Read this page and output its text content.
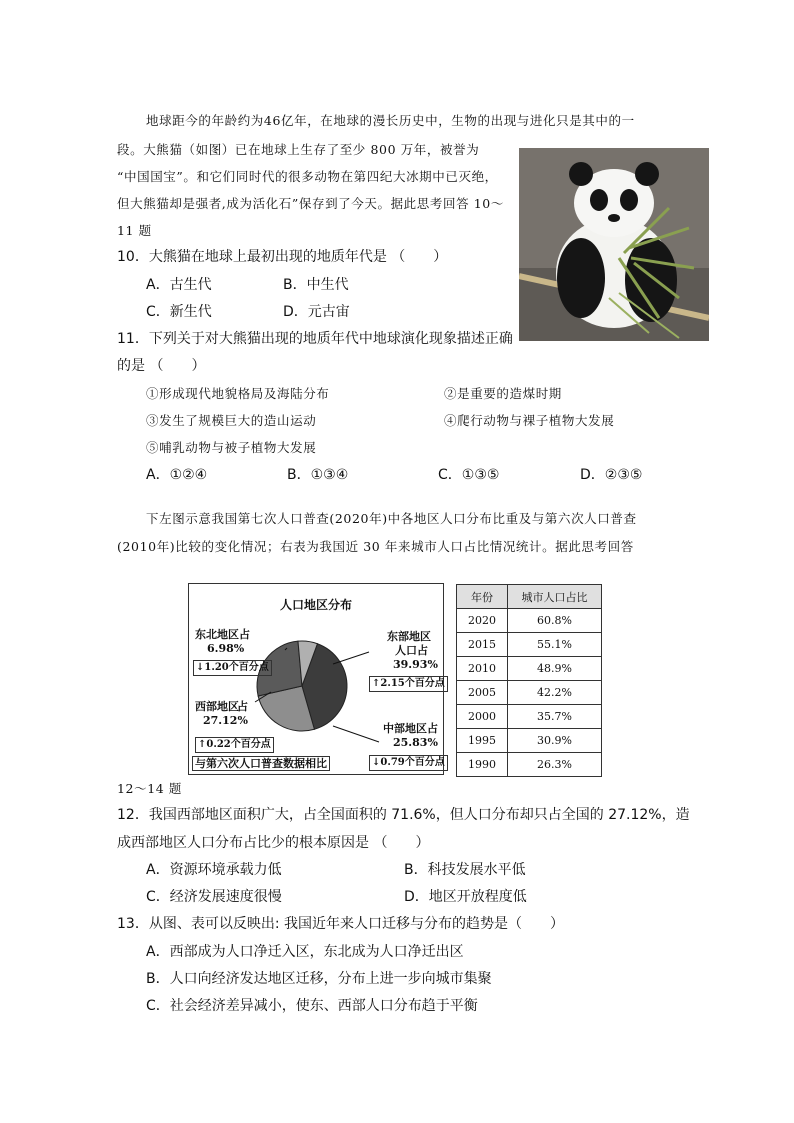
地球距今的年龄约为46亿年，在地球的漫长历史中，生物的出现与进化只是其中的一
段。大熊猫（如图）已在地球上生存了至少 800 万年，被誉为
“中国国宝”。和它们同时代的很多动物在第四纪大冰期中已灭绝，
但大熊猫却是强者,成为活化石”保存到了今天。据此思考回答 10～
11 题
10．大熊猫在地球上最初出现的地质年代是 （　　）
A．古生代	B．中生代
C．新生代	D．元古宙
11．下列关于对大熊猫出现的地质年代中地球演化现象描述正确
的是 （　　）
①形成现代地貌格局及海陆分布	②是重要的造煤时期
③发生了规模巨大的造山运动	④爬行动物与裸子植物大发展
⑤哺乳动物与被子植物大发展
A．①②④	B．①③④	C．①③⑤	D．②③⑤
下左图示意我国第七次人口普查(2020年)中各地区人口分布比重及与第六次人口普查
(2010年)比较的变化情况；右表为我国近 30 年来城市人口占比情况统计。据此思考回答
人口地区分布
东北地区占
6.98%
↓1.20个百分点
东部地区
人口占
39.93%
↑2.15个百分点
西部地区
占
27.12%
↑0.22个百分点
中部地区占
25.83%
↓0.79个百分点
与第六次人口普查数据相比
年份	城市人口占比
2020	60.8%
2015	55.1%
2010	48.9%
2005	42.2%
2000	35.7%
1995	30.9%
1990	26.3%
12～14 题
12．我国西部地区面积广大，占全国面积的 71.6%，但人口分布却只占全国的 27.12%，造
成西部地区人口分布占比少的根本原因是 （　　）
A．资源环境承载力低	B．科技发展水平低
C．经济发展速度很慢	D．地区开放程度低
13．从图、表可以反映出: 我国近年来人口迁移与分布的趋势是（　　）
A．西部成为人口净迁入区，东北成为人口净迁出区
B．人口向经济发达地区迁移，分布上进一步向城市集聚
C．社会经济差异减小，使东、西部人口分布趋于平衡
